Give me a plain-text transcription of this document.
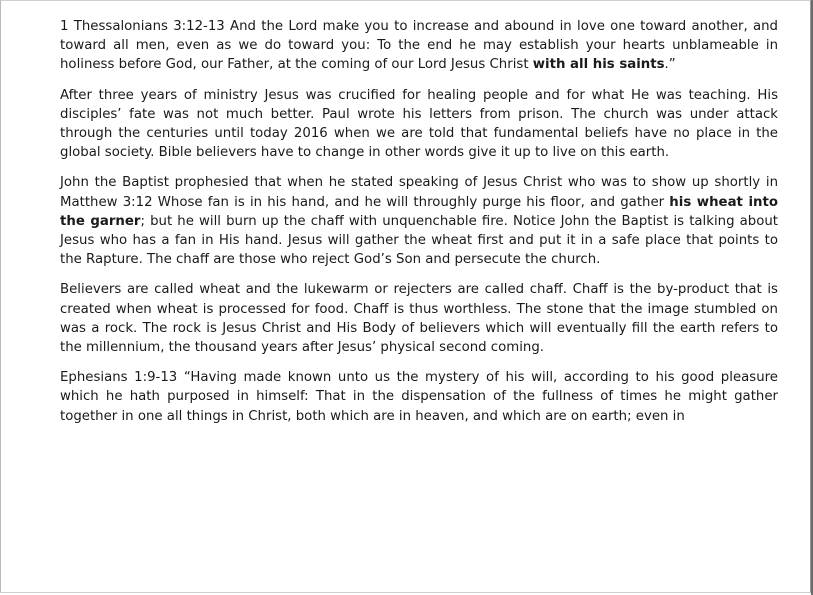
1 Thessalonians 3:12-13 And the Lord make you to increase and abound in love one toward another, and toward all men, even as we do toward you: To the end he may establish your hearts unblameable in holiness before God, our Father, at the coming of our Lord Jesus Christ with all his saints.”

After three years of ministry Jesus was crucified for healing people and for what He was teaching. His disciples’ fate was not much better. Paul wrote his letters from prison. The church was under attack through the centuries until today 2016 when we are told that fundamental beliefs have no place in the global society. Bible believers have to change in other words give it up to live on this earth.

John the Baptist prophesied that when he stated speaking of Jesus Christ who was to show up shortly in Matthew 3:12 Whose fan is in his hand, and he will throughly purge his floor, and gather his wheat into the garner; but he will burn up the chaff with unquenchable fire. Notice John the Baptist is talking about Jesus who has a fan in His hand. Jesus will gather the wheat first and put it in a safe place that points to the Rapture. The chaff are those who reject God’s Son and persecute the church.

Believers are called wheat and the lukewarm or rejecters are called chaff. Chaff is the by-product that is created when wheat is processed for food. Chaff is thus worthless. The stone that the image stumbled on was a rock. The rock is Jesus Christ and His Body of believers which will eventually fill the earth refers to the millennium, the thousand years after Jesus’ physical second coming.

Ephesians 1:9-13 “Having made known unto us the mystery of his will, according to his good pleasure which he hath purposed in himself: That in the dispensation of the fullness of times he might gather together in one all things in Christ, both which are in heaven, and which are on earth; even in
